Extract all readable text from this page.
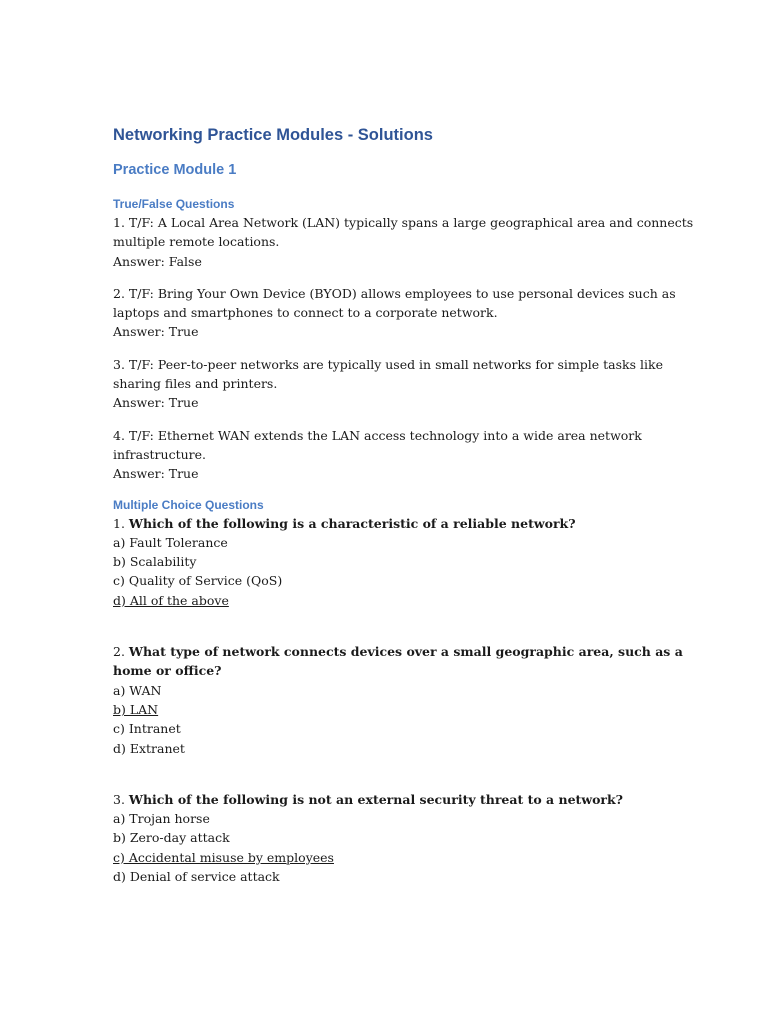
Networking Practice Modules - Solutions
Practice Module 1
True/False Questions

1. T/F: A Local Area Network (LAN) typically spans a large geographical area and connects

multiple remote locations.

Answer: False

2. T/F: Bring Your Own Device (BYOD) allows employees to use personal devices such as

laptops and smartphones to connect to a corporate network.

Answer: True

3. T/F: Peer-to-peer networks are typically used in small networks for simple tasks like

sharing files and printers.

Answer: True

4. T/F: Ethernet WAN extends the LAN access technology into a wide area network

infrastructure.

Answer: True

Multiple Choice Questions

1. Which of the following is a characteristic of a reliable network?

a) Fault Tolerance

b) Scalability

c) Quality of Service (QoS)

d) All of the above

2. What type of network connects devices over a small geographic area, such as a

home or office?

a) WAN

b) LAN

c) Intranet

d) Extranet

3. Which of the following is not an external security threat to a network?

a) Trojan horse

b) Zero-day attack

c) Accidental misuse by employees

d) Denial of service attack
